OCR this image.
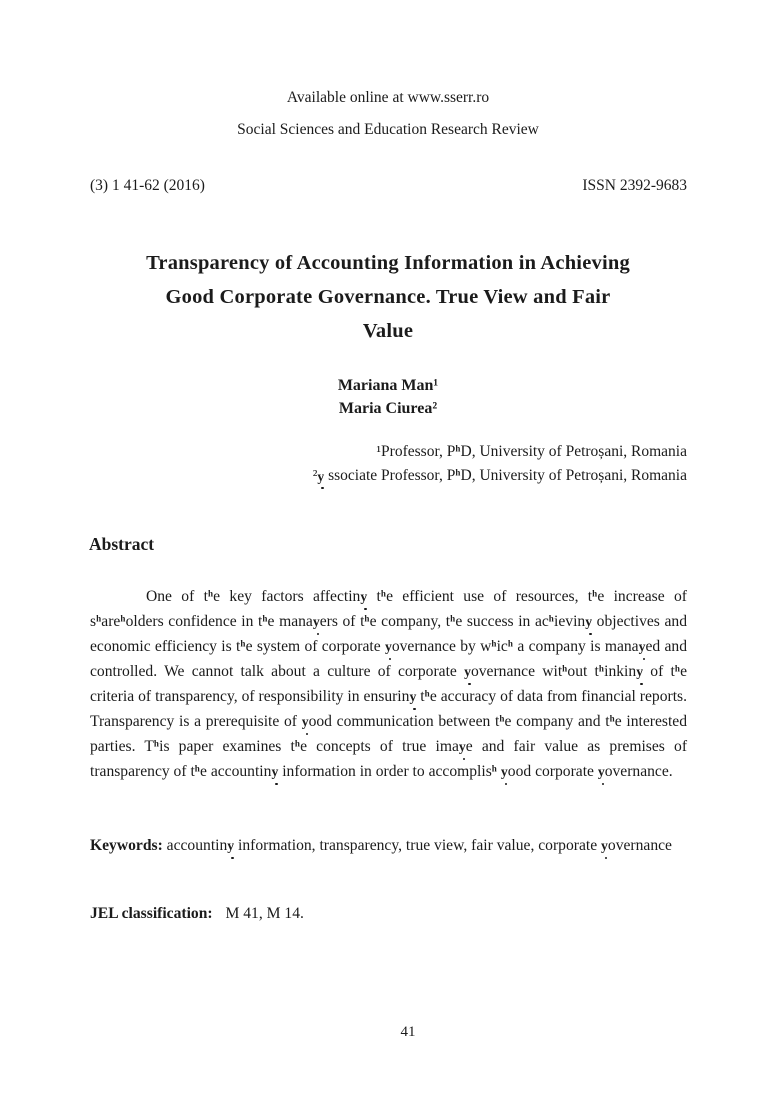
Available online at www.sserr.ro
Social Sciences and Education Research Review
(3) 1 41-62 (2016)	ISSN 2392-9683
Transparency of Accounting Information in Achieving
Good Corporate Governance. True View and Fair
Value
Mariana Man¹
Maria Ciurea²
¹Professor, $P^hD$, University of Petroșani, Romania
²y ssociate Professor, $P^hD$, University of Petroșani, Romania
Abstract

One of $t^he$ key factors affectiny $t^he$ efficient use of resources, $t^he$ increase of $s^hare^holders$ confidence in $t^he$ manayers of $t^he$ company, $t^he$ success in $ac^hieviny$ objectives and economic efficiency is $t^he$ system of corporate yovernance by $w^hic^h$ a company is manayed and controlled. We cannot talk about a culture of corporate yovernance wit$^h$out $t^hinkiny$ of $t^he$ criteria of transparency, of responsibility in ensuriny $t^he$ accuracy of data from financial reports. Transparency is a prerequisite of yood communication between $t^he$ company and $t^he$ interested parties. $T^his$ paper examines $t^he$ concepts of true imaye and fair value as premises of transparency of $t^he$ accountiny information in order to accomplis$^h$ yood corporate yovernance.

Keywords: accountiny information, transparency, true view, fair value, corporate yovernance

JEL classification: M 41, M 14.

41
